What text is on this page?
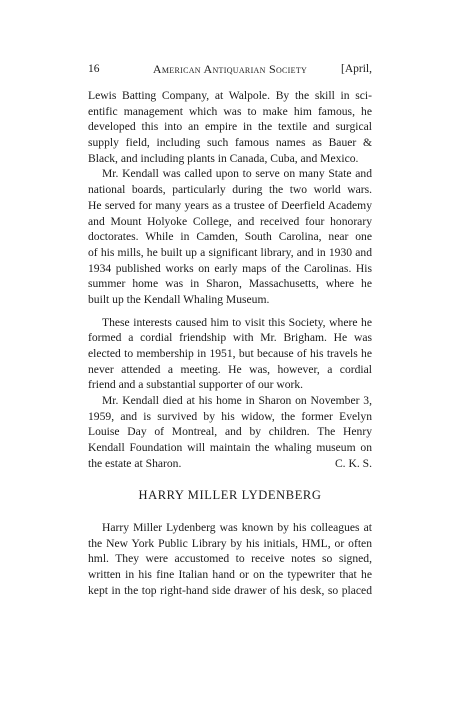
16	American Antiquarian Society	[April,
Lewis Batting Company, at Walpole. By the skill in sci-
entific management which was to make him famous, he
developed this into an empire in the textile and surgical
supply field, including such famous names as Bauer &
Black, and including plants in Canada, Cuba, and Mexico.
Mr. Kendall was called upon to serve on many State and
national boards, particularly during the two world wars.
He served for many years as a trustee of Deerfield Academy
and Mount Holyoke College, and received four honorary
doctorates. While in Camden, South Carolina, near one
of his mills, he built up a significant library, and in 1930 and
1934 published works on early maps of the Carolinas. His
summer home was in Sharon, Massachusetts, where he
built up the Kendall Whaling Museum.
These interests caused him to visit this Society, where he
formed a cordial friendship with Mr. Brigham. He was
elected to membership in 1951, but because of his travels he
never attended a meeting. He was, however, a cordial
friend and a substantial supporter of our work.
Mr. Kendall died at his home in Sharon on November 3,
1959, and is survived by his widow, the former Evelyn
Louise Day of Montreal, and by children. The Henry
Kendall Foundation will maintain the whaling museum on
the estate at Sharon.	C. K. S.
HARRY MILLER LYDENBERG
Harry Miller Lydenberg was known by his colleagues at
the New York Public Library by his initials, HML, or often
hml. They were accustomed to receive notes so signed,
written in his fine Italian hand or on the typewriter that he
kept in the top right-hand side drawer of his desk, so placed
